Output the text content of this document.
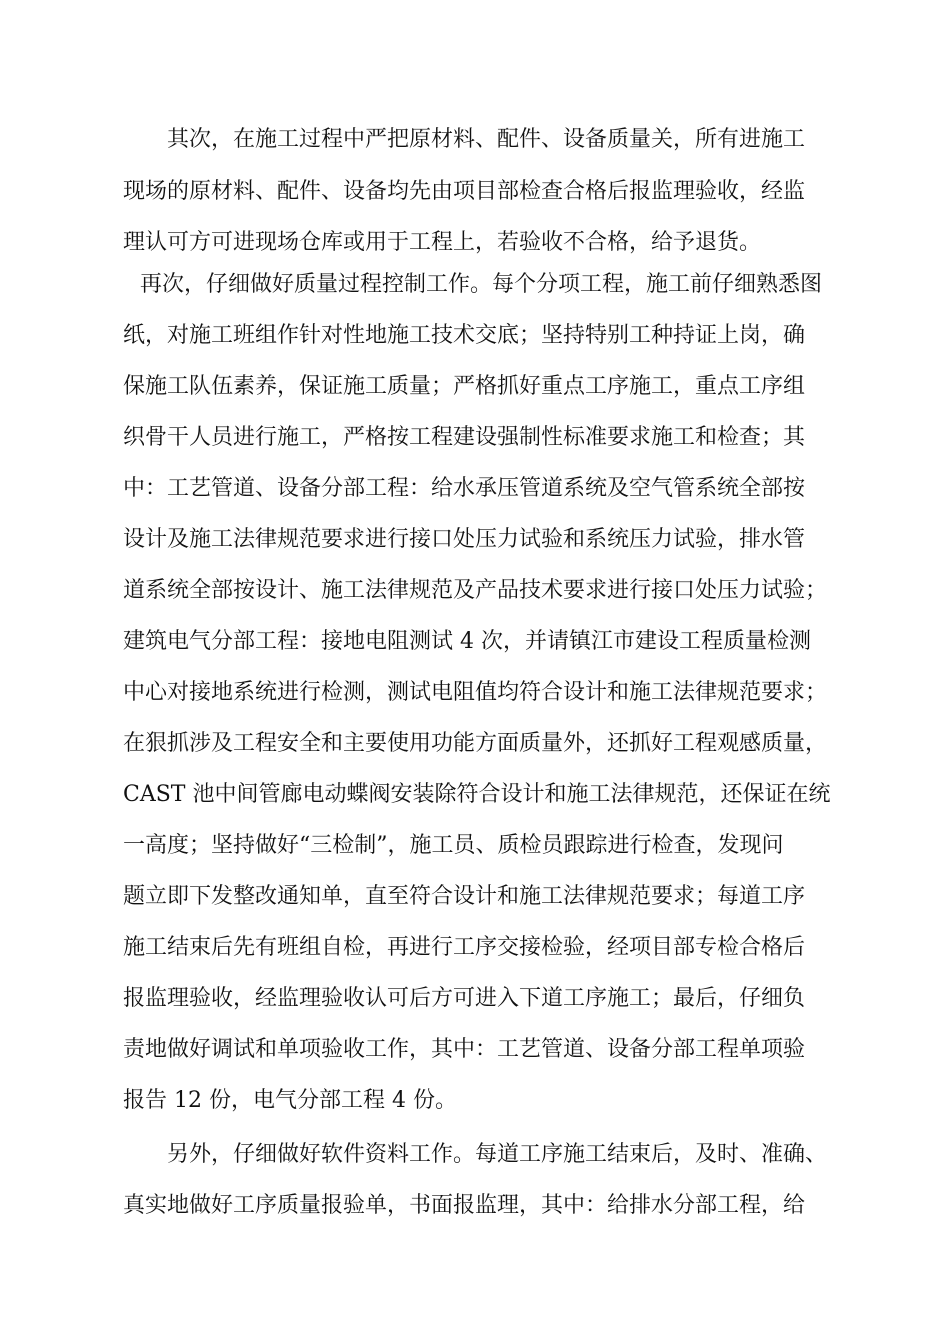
其次，在施工过程中严把原材料、配件、设备质量关，所有进施工
现场的原材料、配件、设备均先由项目部检查合格后报监理验收，经监
理认可方可进现场仓库或用于工程上，若验收不合格，给予退货。
再次，仔细做好质量过程控制工作。每个分项工程，施工前仔细熟悉图
纸，对施工班组作针对性地施工技术交底；坚持特别工种持证上岗，确
保施工队伍素养，保证施工质量；严格抓好重点工序施工，重点工序组
织骨干人员进行施工，严格按工程建设强制性标准要求施工和检查；其
中：工艺管道、设备分部工程：给水承压管道系统及空气管系统全部按
设计及施工法律规范要求进行接口处压力试验和系统压力试验，排水管
道系统全部按设计、施工法律规范及产品技术要求进行接口处压力试验；
建筑电气分部工程：接地电阻测试 4 次，并请镇江市建设工程质量检测
中心对接地系统进行检测，测试电阻值均符合设计和施工法律规范要求；
在狠抓涉及工程安全和主要使用功能方面质量外，还抓好工程观感质量，
CAST 池中间管廊电动蝶阀安装除符合设计和施工法律规范，还保证在统
一高度；坚持做好“三检制”，施工员、质检员跟踪进行检查，发现问
题立即下发整改通知单，直至符合设计和施工法律规范要求；每道工序
施工结束后先有班组自检，再进行工序交接检验，经项目部专检合格后
报监理验收，经监理验收认可后方可进入下道工序施工；最后，仔细负
责地做好调试和单项验收工作，其中：工艺管道、设备分部工程单项验
报告 12 份，电气分部工程 4 份。
另外，仔细做好软件资料工作。每道工序施工结束后，及时、准确、
真实地做好工序质量报验单，书面报监理，其中：给排水分部工程，给
